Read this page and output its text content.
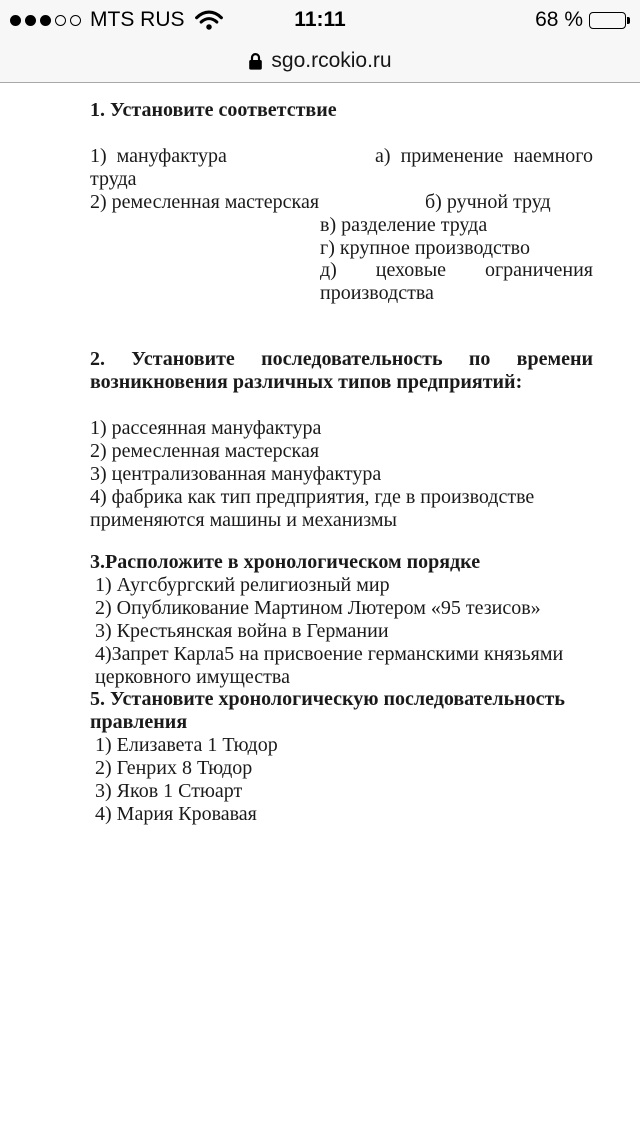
MTS RUS	11:11	68 %
sgo.rcokio.ru
1. Установите соответствие
1)  мануфактура	а) применение наемного
труда
2) ремесленная мастерская	б) ручной труд
в) разделение труда
г) крупное производство
д) цеховые ограничения
производства
2. Установите последовательность по времени
возникновения различных типов предприятий:
1) рассеянная мануфактура
2) ремесленная мастерская
3) централизованная мануфактура
4) фабрика как тип предприятия, где в производстве
применяются машины и механизмы
3.Расположите в хронологическом порядке
1) Аугсбургский религиозный мир
2) Опубликование Мартином Лютером «95 тезисов»
3) Крестьянская война в Германии
4)Запрет Карла5 на присвоение германскими князьями
церковного имущества
5. Установите хронологическую последовательность
правления
1) Елизавета 1 Тюдор
2) Генрих 8 Тюдор
3) Яков 1 Стюарт
4) Мария Кровавая
